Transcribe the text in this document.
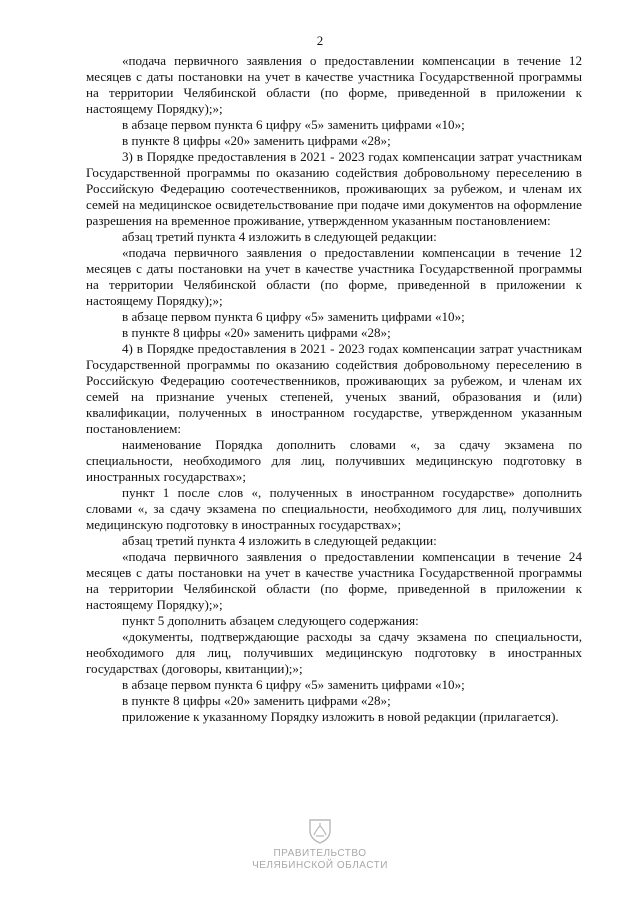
2

«подача первичного заявления о предоставлении компенсации в течение 12 месяцев с даты постановки на учет в качестве участника Государственной программы на территории Челябинской области (по форме, приведенной в приложении к настоящему Порядку);»;

в абзаце первом пункта 6 цифру «5» заменить цифрами «10»;

в пункте 8 цифры «20» заменить цифрами «28»;

3) в Порядке предоставления в 2021 - 2023 годах компенсации затрат участникам Государственной программы по оказанию содействия добровольному переселению в Российскую Федерацию соотечественников, проживающих за рубежом, и членам их семей на медицинское освидетельствование при подаче ими документов на оформление разрешения на временное проживание, утвержденном указанным постановлением:

абзац третий пункта 4 изложить в следующей редакции:

«подача первичного заявления о предоставлении компенсации в течение 12 месяцев с даты постановки на учет в качестве участника Государственной программы на территории Челябинской области (по форме, приведенной в приложении к настоящему Порядку);»;

в абзаце первом пункта 6 цифру «5» заменить цифрами «10»;

в пункте 8 цифры «20» заменить цифрами «28»;

4) в Порядке предоставления в 2021 - 2023 годах компенсации затрат участникам Государственной программы по оказанию содействия добровольному переселению в Российскую Федерацию соотечественников, проживающих за рубежом, и членам их семей на признание ученых степеней, ученых званий, образования и (или) квалификации, полученных в иностранном государстве, утвержденном указанным постановлением:

наименование Порядка дополнить словами «, за сдачу экзамена по специальности, необходимого для лиц, получивших медицинскую подготовку в иностранных государствах»;

пункт 1 после слов «, полученных в иностранном государстве» дополнить словами «, за сдачу экзамена по специальности, необходимого для лиц, получивших медицинскую подготовку в иностранных государствах»;

абзац третий пункта 4 изложить в следующей редакции:

«подача первичного заявления о предоставлении компенсации в течение 24 месяцев с даты постановки на учет в качестве участника Государственной программы на территории Челябинской области (по форме, приведенной в приложении к настоящему Порядку);»;

пункт 5 дополнить абзацем следующего содержания:

«документы, подтверждающие расходы за сдачу экзамена по специальности, необходимого для лиц, получивших медицинскую подготовку в иностранных государствах (договоры, квитанции);»;

в абзаце первом пункта 6 цифру «5» заменить цифрами «10»;

в пункте 8 цифры «20» заменить цифрами «28»;

приложение к указанному Порядку изложить в новой редакции (прилагается).

ПРАВИТЕЛЬСТВО
ЧЕЛЯБИНСКОЙ ОБЛАСТИ
